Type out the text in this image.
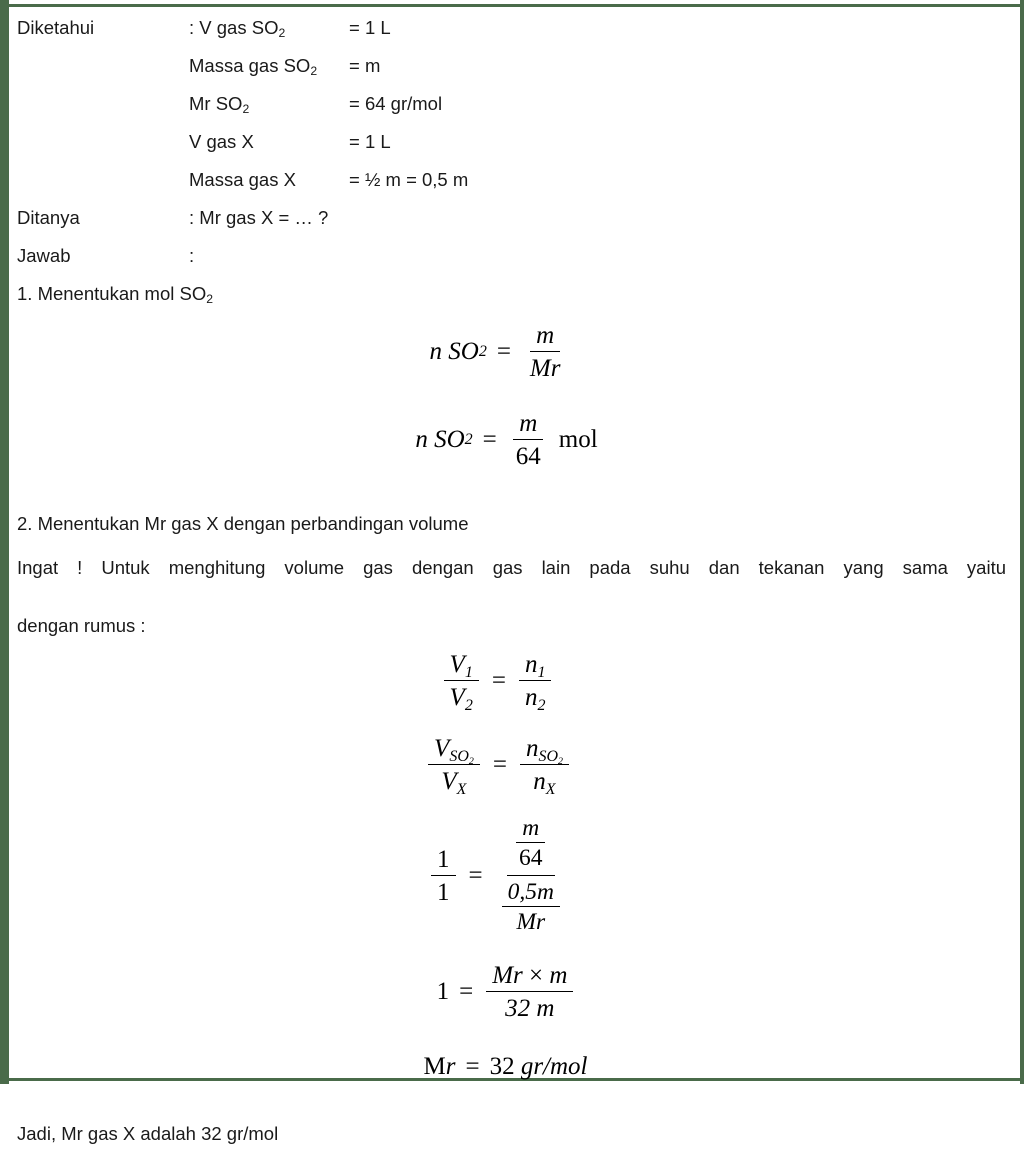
Diketahui	: V gas $SO_2$	= 1 L
Massa gas $SO_2$	= m
Mr $SO_2$	= 64 gr/mol
V gas X	= 1 L
Massa gas X	= ½ m = 0,5 m
Ditanya	: Mr gas X = … ?
Jawab	:
1. Menentukan mol $SO_2$
n
SO $2 = \frac{m}{Mr}$
n
SO $2 = \frac{m}{64}$ mol
2. Menentukan Mr gas X dengan perbandingan volume
Ingat ! Untuk menghitung volume gas dengan gas lain pada suhu dan tekanan yang sama yaitudengan rumus :
$\frac{V_1}{V_2} = \frac{n_1}{n_2}$
$\frac{V_{SO2}}{V_X} = \frac{n_{SO2}}{n_X}$
$\frac{1}{1} = \frac{\frac{m}{64}}{\frac{0,5m}{Mr}}$
$1 = \frac{Mr \times m}{32 m}$
M r = 32
gr/mol
Jadi, Mr gas X adalah 32 gr/mol
